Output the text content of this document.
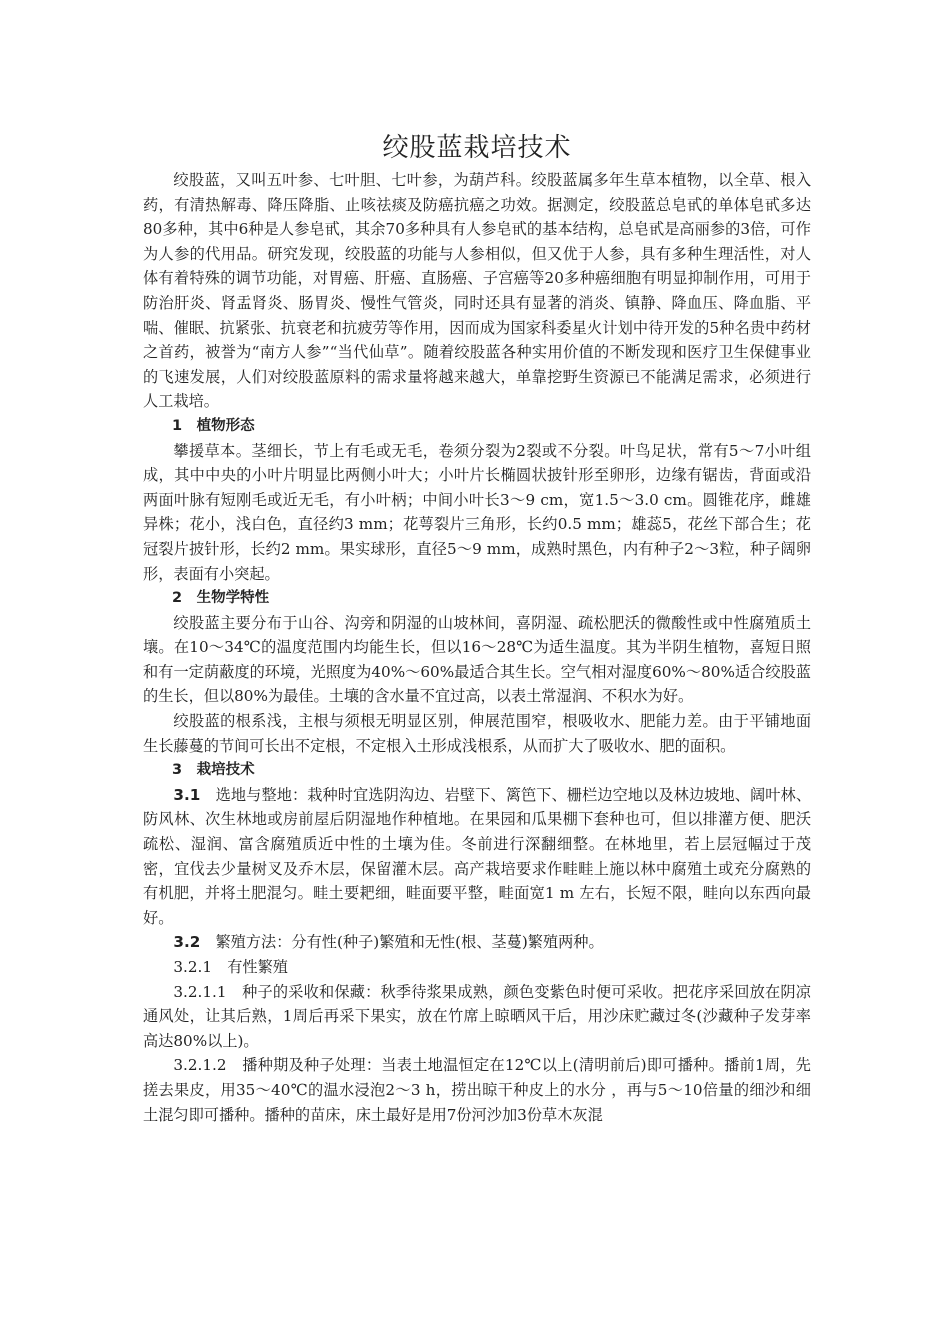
绞股蓝栽培技术

绞股蓝，又叫五叶参、七叶胆、七叶参，为葫芦科。绞股蓝属多年生草本植物，以全草、根入药，有清热解毒、降压降脂、止咳祛痰及防癌抗癌之功效。据测定，绞股蓝总皂甙的单体皂甙多达80多种，其中6种是人参皂甙，其余70多种具有人参皂甙的基本结构，总皂甙是高丽参的3倍，可作为人参的代用品。研究发现，绞股蓝的功能与人参相似，但又优于人参，具有多种生理活性，对人体有着特殊的调节功能，对胃癌、肝癌、直肠癌、子宫癌等20多种癌细胞有明显抑制作用，可用于防治肝炎、肾盂肾炎、肠胃炎、慢性气管炎，同时还具有显著的消炎、镇静、降血压、降血脂、平喘、催眠、抗紧张、抗衰老和抗疲劳等作用，因而成为国家科委星火计划中待开发的5种名贵中药材之首药，被誉为“南方人参”“当代仙草”。随着绞股蓝各种实用价值的不断发现和医疗卫生保健事业的飞速发展，人们对绞股蓝原料的需求量将越来越大，单靠挖野生资源已不能满足需求，必须进行人工栽培。

1　植物形态

攀援草本。茎细长，节上有毛或无毛，卷须分裂为2裂或不分裂。叶鸟足状，常有5～7小叶组成，其中中央的小叶片明显比两侧小叶大；小叶片长椭圆状披针形至卵形，边缘有锯齿，背面或沿两面叶脉有短刚毛或近无毛，有小叶柄；中间小叶长3～9 cm，宽1.5～3.0 cm。圆锥花序，雌雄异株；花小，浅白色，直径约3 mm；花萼裂片三角形，长约0.5 mm；雄蕊5，花丝下部合生；花冠裂片披针形，长约2 mm。果实球形，直径5～9 mm，成熟时黑色，内有种子2～3粒，种子阔卵形，表面有小突起。

2　生物学特性

绞股蓝主要分布于山谷、沟旁和阴湿的山坡林间，喜阴湿、疏松肥沃的微酸性或中性腐殖质土壤。在10～34℃的温度范围内均能生长，但以16～28℃为适生温度。其为半阴生植物，喜短日照和有一定荫蔽度的环境，光照度为40%～60%最适合其生长。空气相对湿度60%～80%适合绞股蓝的生长，但以80%为最佳。土壤的含水量不宜过高，以表土常湿润、不积水为好。

绞股蓝的根系浅，主根与须根无明显区别，伸展范围窄，根吸收水、肥能力差。由于平铺地面生长藤蔓的节间可长出不定根，不定根入土形成浅根系，从而扩大了吸收水、肥的面积。

3　栽培技术

3.1　选地与整地：栽种时宜选阴沟边、岩壁下、篱笆下、栅栏边空地以及林边坡地、阔叶林、防风林、次生林地或房前屋后阴湿地作种植地。在果园和瓜果棚下套种也可，但以排灌方便、肥沃疏松、湿润、富含腐殖质近中性的土壤为佳。冬前进行深翻细整。在林地里，若上层冠幅过于茂密，宜伐去少量树叉及乔木层，保留灌木层。高产栽培要求作畦畦上施以林中腐殖土或充分腐熟的有机肥，并将土肥混匀。畦土要耙细，畦面要平整，畦面宽1 m 左右，长短不限，畦向以东西向最好。

3.2　繁殖方法：分有性(种子)繁殖和无性(根、茎蔓)繁殖两种。

3.2.1　有性繁殖

3.2.1.1　种子的采收和保藏：秋季待浆果成熟，颜色变紫色时便可采收。把花序采回放在阴凉通风处，让其后熟，1周后再采下果实，放在竹席上晾晒风干后，用沙床贮藏过冬(沙藏种子发芽率高达80%以上)。

3.2.1.2　播种期及种子处理：当表土地温恒定在12℃以上(清明前后)即可播种。播前1周，先搓去果皮，用35～40℃的温水浸泡2～3 h，捞出晾干种皮上的水分 ，再与5～10倍量的细沙和细土混匀即可播种。播种的苗床，床土最好是用7份河沙加3份草木灰混
